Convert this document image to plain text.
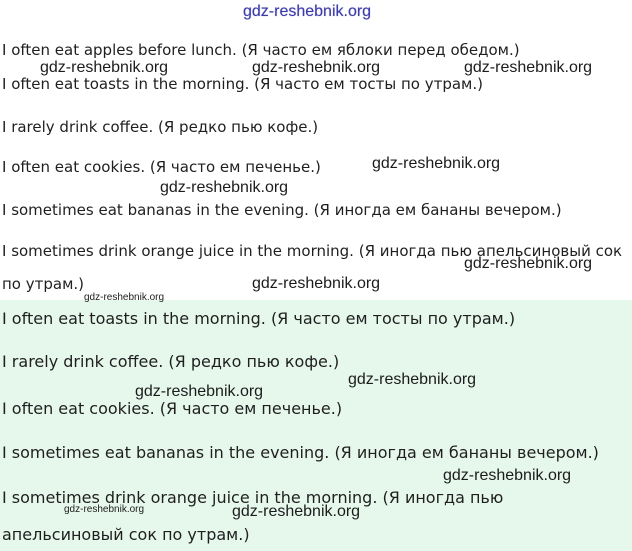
gdz-reshebnik.org

I often eat apples before lunch. (Я часто ем яблоки перед обедом.)

I often eat toasts in the morning. (Я часто ем тосты по утрам.)

I rarely drink coffee. (Я редко пью кофе.)

I often eat cookies. (Я часто ем печенье.)

I sometimes eat bananas in the evening. (Я иногда ем бананы вечером.)

I sometimes drink orange juice in the morning. (Я иногда пью апельсиновый сок

по утрам.)

I often eat toasts in the morning. (Я часто ем тосты по утрам.)

I rarely drink coffee. (Я редко пью кофе.)

I often eat cookies. (Я часто ем печенье.)

I sometimes eat bananas in the evening. (Я иногда ем бананы вечером.)

I sometimes drink orange juice in the morning. (Я иногда пью

апельсиновый сок по утрам.)

gdz-reshebnik.org	gdz-reshebnik.org	gdz-reshebnik.org
gdz-reshebnik.org
gdz-reshebnik.org
gdz-reshebnik.org
gdz-reshebnik.org
gdz-reshebnik.org
gdz-reshebnik.org
gdz-reshebnik.org
gdz-reshebnik.org
gdz-reshebnik.org	gdz-reshebnik.org
